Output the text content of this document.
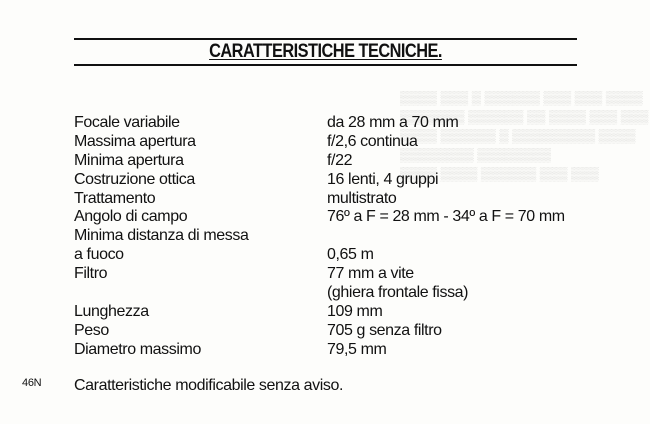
CARATTERISTICHE TECNICHE.
▒▒▒▒ ▒▒▒ ▒ ▒▒▒▒▒▒ ▒▒▒ ▒▒▒ ▒▒▒▒
▒▒▒▒▒▒▒ ▒▒▒▒▒▒ ▒▒ ▒▒▒▒ ▒▒▒ ▒▒▒
▒▒▒▒ ▒▒▒▒▒▒ ▒ ▒▒▒▒▒▒▒▒▒ ▒▒▒▒
▒▒▒▒▒▒▒▒ ▒▒▒▒▒▒▒▒
▒▒▒▒ ▒▒▒▒ ▒▒▒▒▒▒ ▒▒▒ ▒▒▒
Focale variabile	da 28 mm a 70 mm
Massima apertura	f/2,6 continua
Minima apertura	f/22
Costruzione ottica	16 lenti, 4 gruppi
Trattamento	multistrato
Angolo di campo	76º a F = 28 mm - 34º a F = 70 mm
Minima distanza di messa
a fuoco	0,65 m
Filtro	77 mm a vite
(ghiera frontale fissa)
Lunghezza	109 mm
Peso	705 g senza filtro
Diametro massimo	79,5 mm
46N Caratteristiche modificabile senza aviso.
